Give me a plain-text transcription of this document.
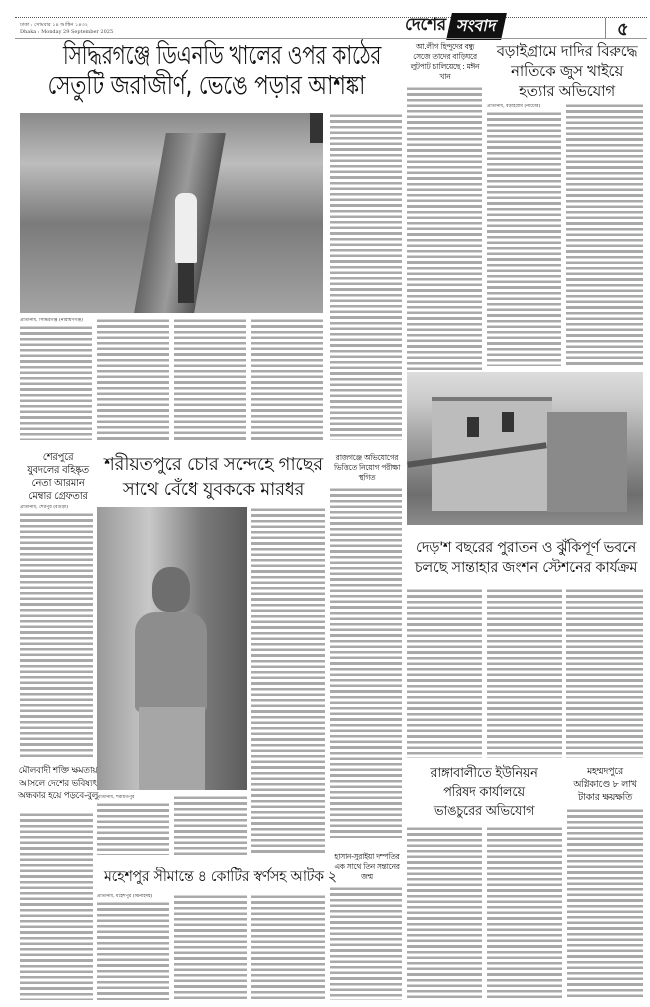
ঢাকা : সোমবার ১৪ আশ্বিন ১৪৩২
Dhaka : Monday 29 September 2025	দেশের সংবাদ	৫
সিদ্ধিরগঞ্জে ডিএনডি খালের ওপর কাঠের
সেতুটি জরাজীর্ণ, ভেঙে পড়ার আশঙ্কা
প্রতিনিধি, সিদ্ধিরগঞ্জ (নারায়ণগঞ্জ)
আ.লীগ হিন্দুদের বন্ধু সেজে তাদের বাড়িঘরে লুটপাট চালিয়েছে : মঈন খান
বড়াইগ্রামে দাদির বিরুদ্ধে
নাতিকে জুস খাইয়ে
হত্যার অভিযোগ
প্রতিনিধি, বড়াইগ্রাম (নাটোর)
দেড়'শ বছরের পুরাতন ও ঝুঁকিপূর্ণ ভবনে
চলছে সান্তাহার জংশন স্টেশনের কার্যক্রম
রাজগঞ্জে অভিযোগের ভিত্তিতে নিয়োগ পরীক্ষা স্থগিত
হাসান-সুরাইয়া দম্পতির এক সাথে তিন সন্তানের জন্ম
শেরপুরে
যুবদলের বহিষ্কৃত
নেতা আরমান
মেম্বার গ্রেফতার
প্রতিনিধি, শেরপুর (বগুড়া)
শরীয়তপুরে চোর সন্দেহে গাছের
সাথে বেঁধে যুবককে মারধর
প্রতিনিধি, শরীয়তপুর
মৌলবাদী শক্তি ক্ষমতায়
আসলে দেশের ভবিষ্যৎ
অন্ধকার হয়ে পড়বে-বুলু
মহেশপুর সীমান্তে ৪ কোটির স্বর্ণসহ আটক ২
প্রতিনিধি, মহেশপুর (ঝিনাইদহ)
রাঙ্গাবালীতে ইউনিয়ন
পরিষদ কার্যালয়ে
ভাঙচুরের অভিযোগ
মহম্মদপুরে
অগ্নিকাণ্ডে ৮ লাখ
টাকার ক্ষয়ক্ষতি
